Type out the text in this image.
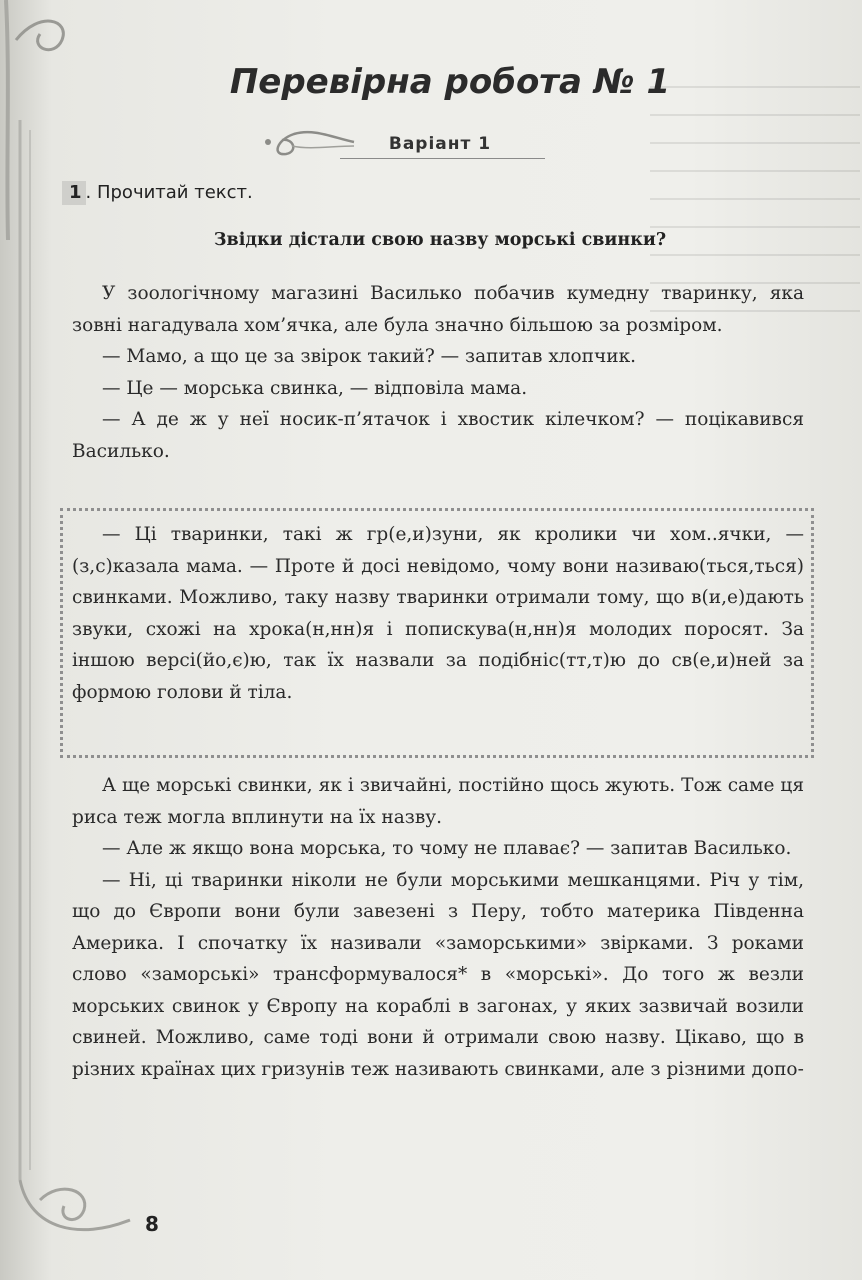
Перевірна робота № 1
Варіант 1
1 . Прочитай текст.
Звідки дістали свою назву морські свинки?

У зоологічному магазині Василько побачив кумедну тваринку, яка зовні нагадувала хом’ячка, але була значно більшою за розміром.

— Мамо, а що це за звірок такий? — запитав хлопчик.

— Це — морська свинка, — відповіла мама.

— А де ж у неї носик-п’ятачок і хвостик кілечком? — поцікавився Василько.

— Ці тваринки, такі ж гр(е,и)зуни, як кролики чи хом..ячки, — (з,с)казала мама. — Проте й досі невідомо, чому вони називаю(ться,ться) свинками. Можливо, таку назву тваринки отримали тому, що в(и,е)дають звуки, схожі на хрока(н,нн)я і попискува(н,нн)я молодих поросят. За іншою версі(йо,є)ю, так їх назвали за подібніс(тт,т)ю до св(е,и)ней за формою голови й тіла.

А ще морські свинки, як і звичайні, постійно щось жують. Тож саме ця риса теж могла вплинути на їх назву.

— Але ж якщо вона морська, то чому не плаває? — запитав Василько.

— Ні, ці тваринки ніколи не були морськими мешканцями. Річ у тім, що до Європи вони були завезені з Перу, тобто материка Південна Америка. І спочатку їх називали «заморськими» звірками. З роками слово «заморські» трансформувалося* в «морські». До того ж везли морських свинок у Європу на кораблі в загонах, у яких зазвичай возили свиней. Можливо, саме тоді вони й отримали свою назву. Цікаво, що в різних країнах цих гризунів теж називають свинками, але з різними допо-

8
